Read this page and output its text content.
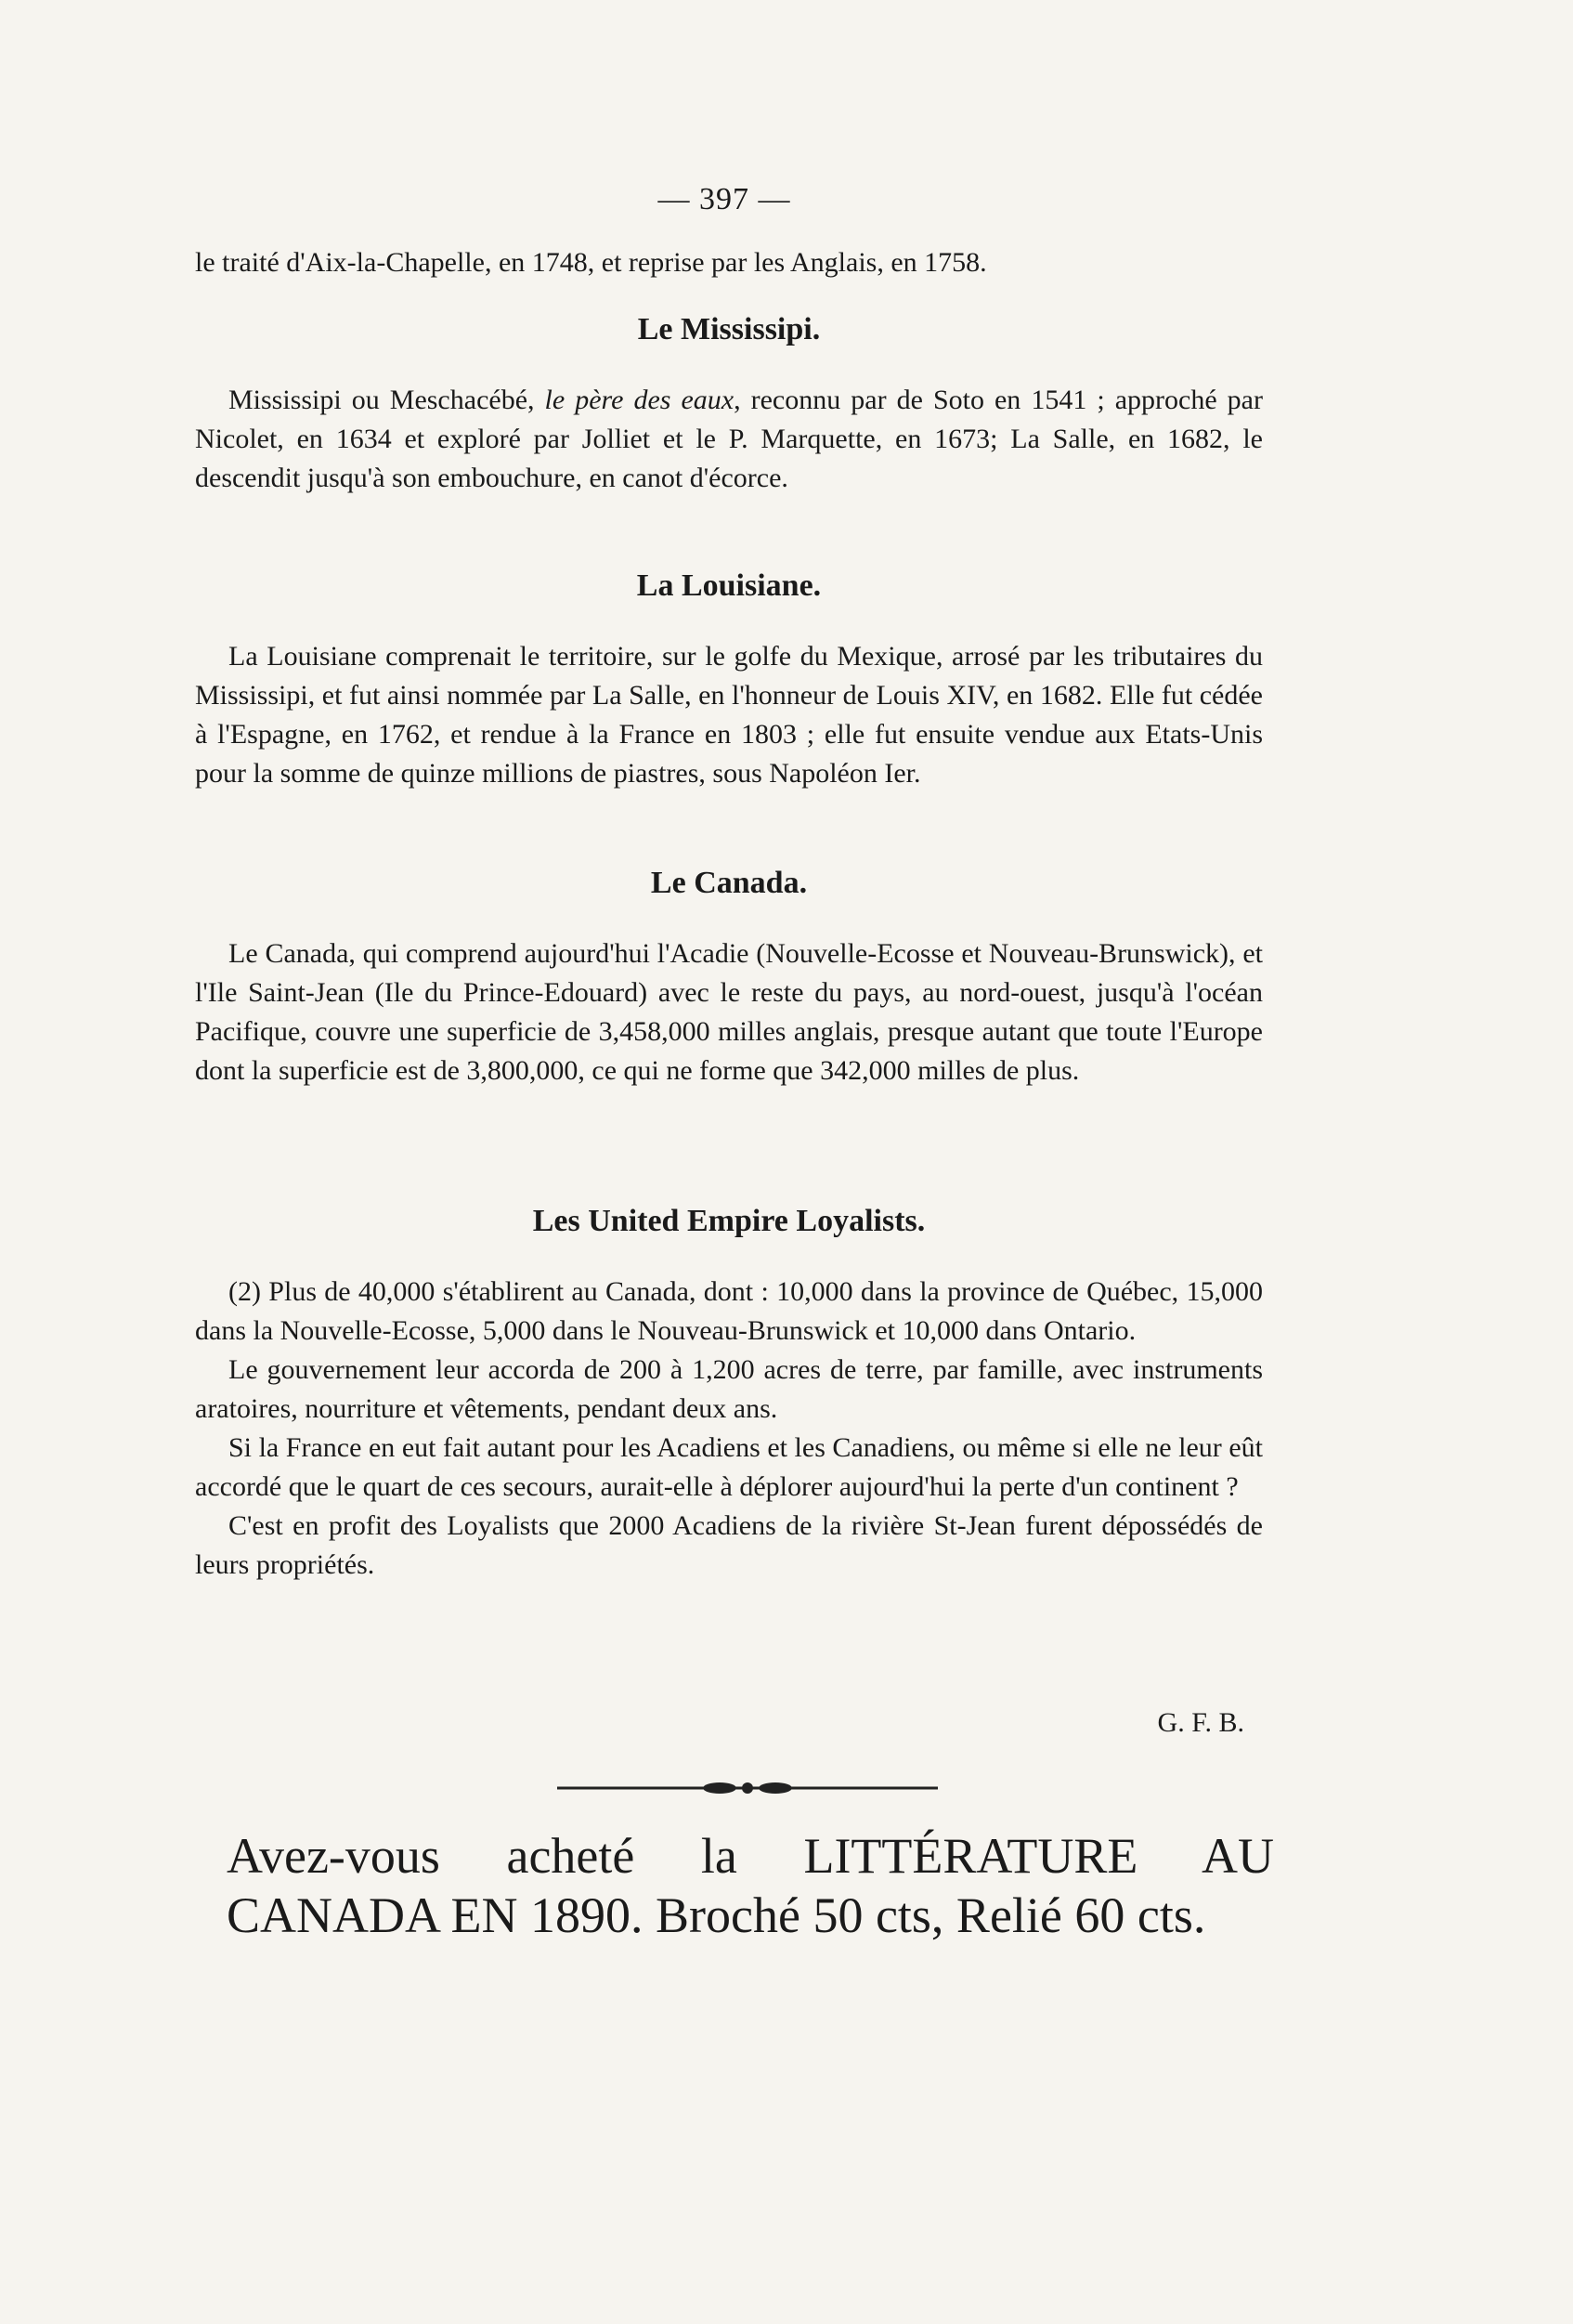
— 397 —

le traité d'Aix-la-Chapelle, en 1748, et reprise par les Anglais, en 1758.

Le Mississipi.

Mississipi ou Meschacébé, le père des eaux, reconnu par de Soto en 1541 ; approché par Nicolet, en 1634 et exploré par Jolliet et le P. Marquette, en 1673; La Salle, en 1682, le descendit jusqu'à son embouchure, en canot d'écorce.

La Louisiane.

La Louisiane comprenait le territoire, sur le golfe du Mexique, arrosé par les tributaires du Mississipi, et fut ainsi nommée par La Salle, en l'honneur de Louis XIV, en 1682. Elle fut cédée à l'Espagne, en 1762, et rendue à la France en 1803 ; elle fut ensuite vendue aux Etats-Unis pour la somme de quinze millions de piastres, sous Napoléon Ier.

Le Canada.

Le Canada, qui comprend aujourd'hui l'Acadie (Nouvelle-Ecosse et Nouveau-Brunswick), et l'Ile Saint-Jean (Ile du Prince-Edouard) avec le reste du pays, au nord-ouest, jusqu'à l'océan Pacifique, couvre une superficie de 3,458,000 milles anglais, presque autant que toute l'Europe dont la superficie est de 3,800,000, ce qui ne forme que 342,000 milles de plus.

Les United Empire Loyalists.

(2) Plus de 40,000 s'établirent au Canada, dont : 10,000 dans la province de Québec, 15,000 dans la Nouvelle-Ecosse, 5,000 dans le Nouveau-Brunswick et 10,000 dans Ontario.

Le gouvernement leur accorda de 200 à 1,200 acres de terre, par famille, avec instruments aratoires, nourriture et vêtements, pendant deux ans.

Si la France en eut fait autant pour les Acadiens et les Canadiens, ou même si elle ne leur eût accordé que le quart de ces secours, aurait-elle à déplorer aujourd'hui la perte d'un continent ?

C'est en profit des Loyalists que 2000 Acadiens de la rivière St-Jean furent dépossédés de leurs propriétés.

G. F. B.
Avez-vous acheté la LITTÉRATURE AU CANADA EN 1890. Broché 50 cts, Relié 60 cts.
